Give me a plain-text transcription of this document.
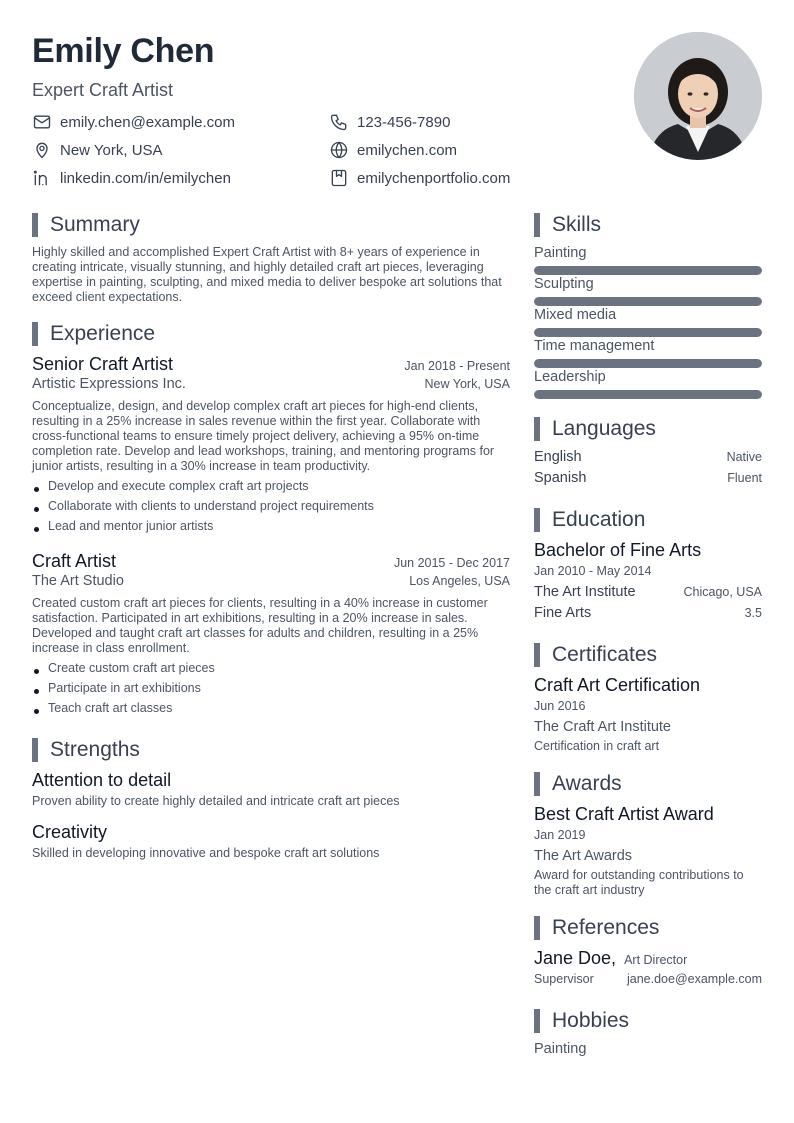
Emily Chen
Expert Craft Artist
emily.chen@example.com	123-456-7890
New York, USA	emilychen.com
linkedin.com/in/emilychen	emilychenportfolio.com
Summary
Highly skilled and accomplished Expert Craft Artist with 8+ years of experience in creating intricate, visually stunning, and highly detailed craft art pieces, leveraging expertise in painting, sculpting, and mixed media to deliver bespoke art solutions that exceed client expectations.
Experience
Senior Craft Artist	Jan 2018 - Present
Artistic Expressions Inc.	New York, USA
Conceptualize, design, and develop complex craft art pieces for high-end clients, resulting in a 25% increase in sales revenue within the first year. Collaborate with cross-functional teams to ensure timely project delivery, achieving a 95% on-time completion rate. Develop and lead workshops, training, and mentoring programs for junior artists, resulting in a 30% increase in team productivity.
Develop and execute complex craft art projects
Collaborate with clients to understand project requirements
Lead and mentor junior artists
Craft Artist	Jun 2015 - Dec 2017
The Art Studio	Los Angeles, USA
Created custom craft art pieces for clients, resulting in a 40% increase in customer satisfaction. Participated in art exhibitions, resulting in a 20% increase in sales. Developed and taught craft art classes for adults and children, resulting in a 25% increase in class enrollment.
Create custom craft art pieces
Participate in art exhibitions
Teach craft art classes
Strengths
Attention to detail
Proven ability to create highly detailed and intricate craft art pieces
Creativity
Skilled in developing innovative and bespoke craft art solutions
Skills
Painting
Sculpting
Mixed media
Time management
Leadership
Languages
English	Native
Spanish	Fluent
Education
Bachelor of Fine Arts
Jan 2010 - May 2014
The Art Institute	Chicago, USA
Fine Arts	3.5
Certificates
Craft Art Certification
Jun 2016
The Craft Art Institute
Certification in craft art
Awards
Best Craft Artist Award
Jan 2019
The Art Awards
Award for outstanding contributions to the craft art industry
References
Jane Doe, Art Director
Supervisor	jane.doe@example.com
Hobbies
Painting
